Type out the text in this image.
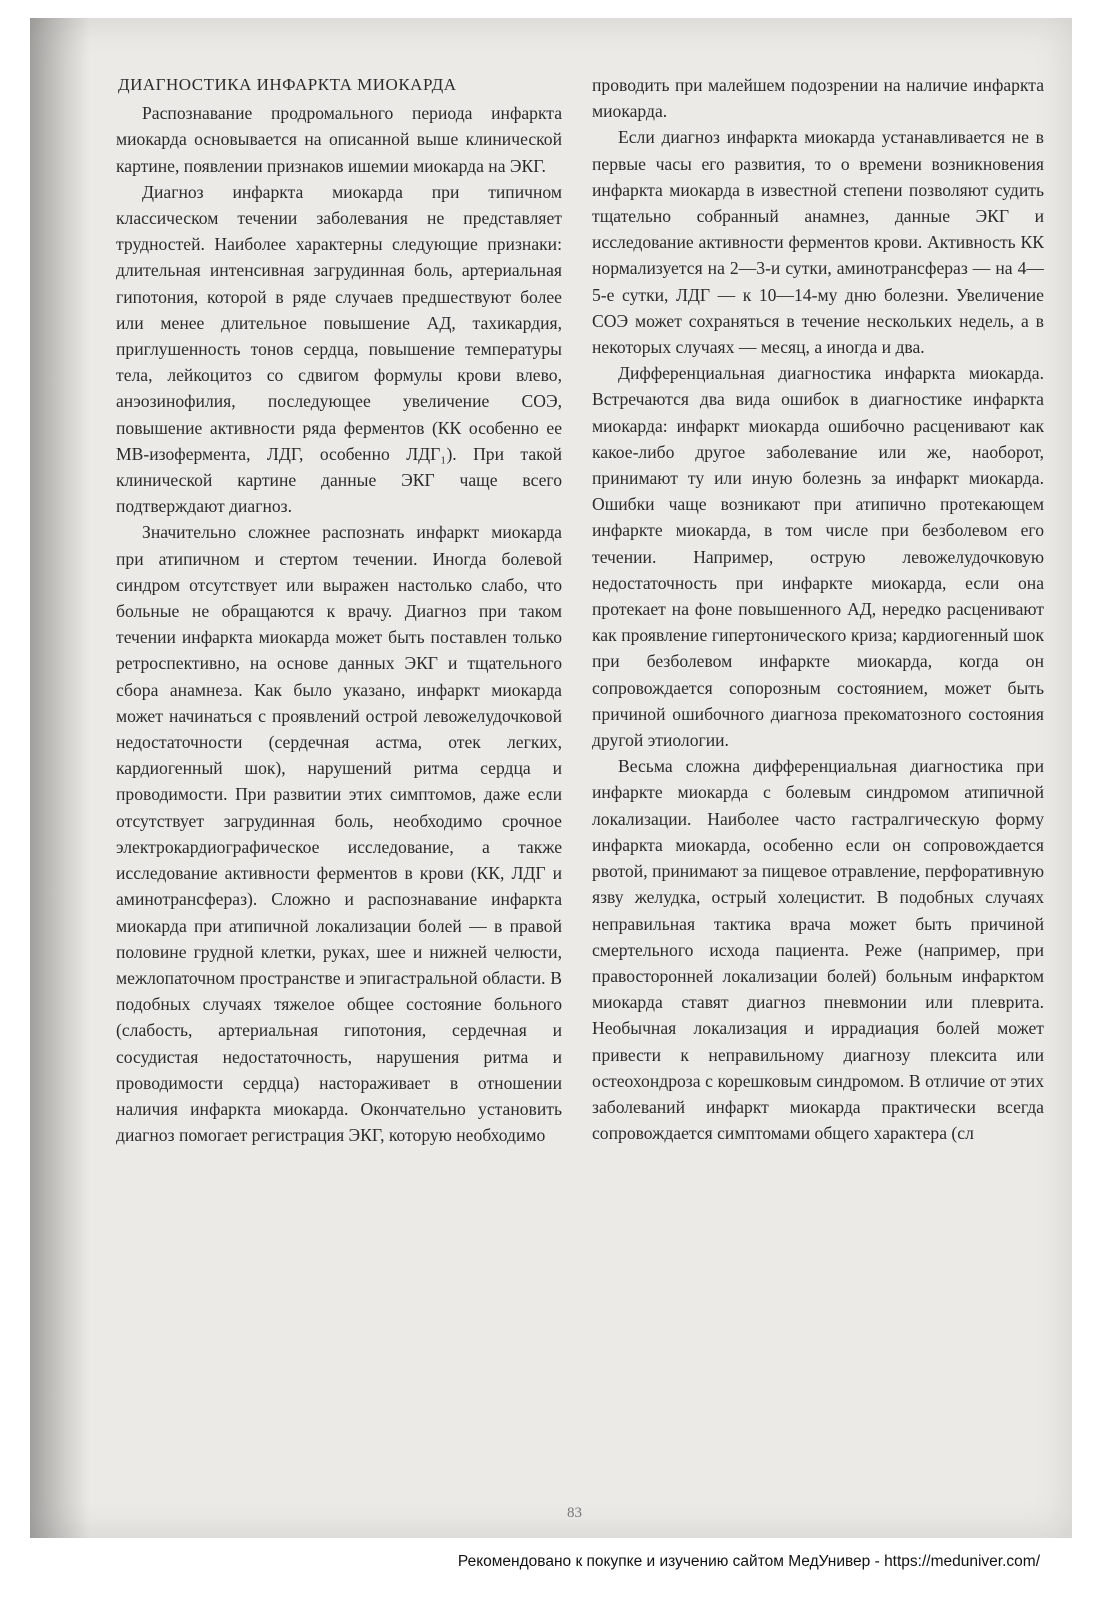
ДИАГНОСТИКА ИНФАРКТА МИОКАРДА

Распознавание продромального периода инфаркта миокарда основывается на описанной выше клинической картине, появлении признаков ишемии миокарда на ЭКГ.

Диагноз инфаркта миокарда при типичном классическом течении заболевания не представляет трудностей. Наиболее характерны следующие признаки: длительная интенсивная загрудинная боль, артериальная гипотония, которой в ряде случаев предшествуют более или менее длительное повышение АД, тахикардия, приглушенность тонов сердца, повышение температуры тела, лейкоцитоз со сдвигом формулы крови влево, анэозинофилия, последующее увеличение СОЭ, повышение активности ряда ферментов (КК особенно ее МВ-изофермента, ЛДГ, особенно ЛДГ₁). При такой клинической картине данные ЭКГ чаще всего подтверждают диагноз.

Значительно сложнее распознать инфаркт миокарда при атипичном и стертом течении. Иногда болевой синдром отсутствует или выражен настолько слабо, что больные не обращаются к врачу. Диагноз при таком течении инфаркта миокарда может быть поставлен только ретроспективно, на основе данных ЭКГ и тщательного сбора анамнеза. Как было указано, инфаркт миокарда может начинаться с проявлений острой левожелудочковой недостаточности (сердечная астма, отек легких, кардиогенный шок), нарушений ритма сердца и проводимости. При развитии этих симптомов, даже если отсутствует загрудинная боль, необходимо срочное электрокардиографическое исследование, а также исследование активности ферментов в крови (КК, ЛДГ и аминотрансфераз). Сложно и распознавание инфаркта миокарда при атипичной локализации болей — в правой половине грудной клетки, руках, шее и нижней челюсти, межлопаточном пространстве и эпигастральной области. В подобных случаях тяжелое общее состояние больного (слабость, артериальная гипотония, сердечная и сосудистая недостаточность, нарушения ритма и проводимости сердца) настораживает в отношении наличия инфаркта миокарда. Окончательно установить диагноз помогает регистрация ЭКГ, которую необходимо

проводить при малейшем подозрении на наличие инфаркта миокарда.

Если диагноз инфаркта миокарда устанавливается не в первые часы его развития, то о времени возникновения инфаркта миокарда в известной степени позволяют судить тщательно собранный анамнез, данные ЭКГ и исследование активности ферментов крови. Активность КК нормализуется на 2—3-и сутки, аминотрансфераз — на 4—5-е сутки, ЛДГ — к 10—14-му дню болезни. Увеличение СОЭ может сохраняться в течение нескольких недель, а в некоторых случаях — месяц, а иногда и два.

Дифференциальная диагностика инфаркта миокарда. Встречаются два вида ошибок в диагностике инфаркта миокарда: инфаркт миокарда ошибочно расценивают как какое-либо другое заболевание или же, наоборот, принимают ту или иную болезнь за инфаркт миокарда. Ошибки чаще возникают при атипично протекающем инфаркте миокарда, в том числе при безболевом его течении. Например, острую левожелудочковую недостаточность при инфаркте миокарда, если она протекает на фоне повышенного АД, нередко расценивают как проявление гипертонического криза; кардиогенный шок при безболевом инфаркте миокарда, когда он сопровождается сопорозным состоянием, может быть причиной ошибочного диагноза прекоматозного состояния другой этиологии.

Весьма сложна дифференциальная диагностика при инфаркте миокарда с болевым синдромом атипичной локализации. Наиболее часто гастралгическую форму инфаркта миокарда, особенно если он сопровождается рвотой, принимают за пищевое отравление, перфоративную язву желудка, острый холецистит. В подобных случаях неправильная тактика врача может быть причиной смертельного исхода пациента. Реже (например, при правосторонней локализации болей) больным инфарктом миокарда ставят диагноз пневмонии или плеврита. Необычная локализация и иррадиация болей может привести к неправильному диагнозу плексита или остеохондроза с корешковым синдромом. В отличие от этих заболеваний инфаркт миокарда практически всегда сопровождается симптомами общего характера (сл

83
Рекомендовано к покупке и изучению сайтом МедУнивер - https://meduniver.com/
